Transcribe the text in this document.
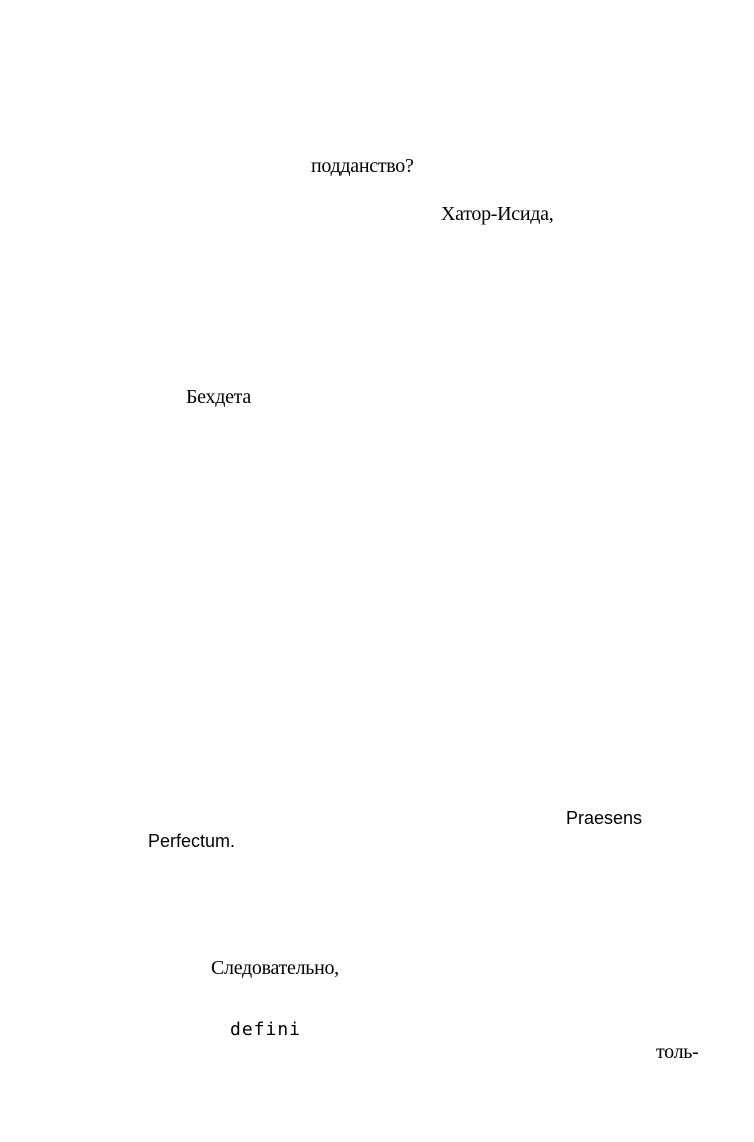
подданство?
Хатор-Исида,
Бехдета
Praesens
Perfectum.
Следовательно,
defini
толь-
